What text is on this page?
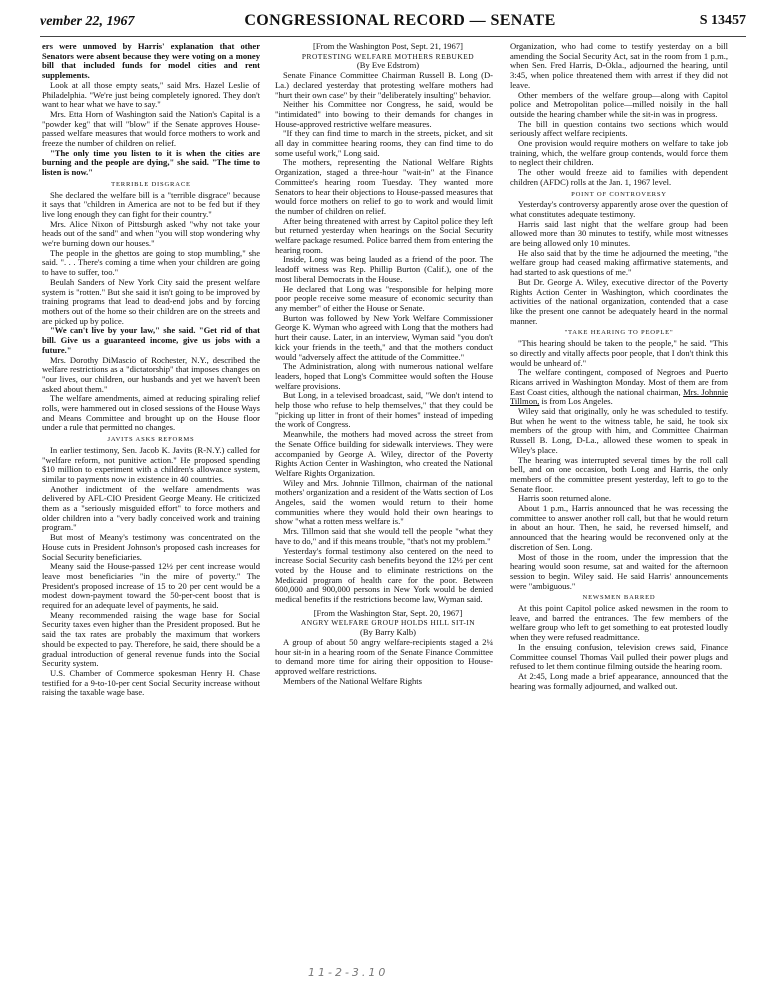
vember 22, 1967	CONGRESSIONAL RECORD — SENATE	S 13457

ers were unmoved by Harris' explanation that other Senators were absent because they were voting on a money bill that included funds for model cities and rent supplements.

Look at all those empty seats," said Mrs. Hazel Leslie of Philadelphia. "We're just being completely ignored. They don't want to hear what we have to say."

Mrs. Etta Horn of Washington said the Nation's Capital is a "powder keg" that will "blow" if the Senate approves House-passed welfare measures that would force mothers to work and freeze the number of children on relief.

"The only time you listen to it is when the cities are burning and the people are dying," she said. "The time to listen is now."

TERRIBLE DISGRACE

She declared the welfare bill is a "terrible disgrace" because it says that "children in America are not to be fed but if they live long enough they can fight for their country."

Mrs. Alice Nixon of Pittsburgh asked "why not take your heads out of the sand" and when "you will stop wondering why we're burning down our houses."

The people in the ghettos are going to stop mumbling," she said. ". . . There's coming a time when your children are going to have to suffer, too."

Beulah Sanders of New York City said the present welfare system is "rotten." But she said it isn't going to be improved by training programs that lead to dead-end jobs and by forcing mothers out of the home so their children are on the streets and are picked up by police.

"We can't live by your law," she said. "Get rid of that bill. Give us a guaranteed income, give us jobs with a future."

Mrs. Dorothy DiMascio of Rochester, N.Y., described the welfare restrictions as a "dictatorship" that imposes changes on "our lives, our children, our husbands and yet we haven't been asked about them."

The welfare amendments, aimed at reducing spiraling relief rolls, were hammered out in closed sessions of the House Ways and Means Committee and brought up on the House floor under a rule that permitted no changes.

JAVITS ASKS REFORMS

In earlier testimony, Sen. Jacob K. Javits (R-N.Y.) called for "welfare reform, not punitive action." He proposed spending $10 million to experiment with a children's allowance system, similar to payments now in existence in 40 countries.

Another indictment of the welfare amendments was delivered by AFL-CIO President George Meany. He criticized them as a "seriously misguided effort" to force mothers and older children into a "very badly conceived work and training program."

But most of Meany's testimony was concentrated on the House cuts in President Johnson's proposed cash increases for Social Security beneficiaries.

Meany said the House-passed 12½ per cent increase would leave most beneficiaries "in the mire of poverty." The President's proposed increase of 15 to 20 per cent would be a modest down-payment toward the 50-per-cent boost that is required for an adequate level of payments, he said.

Meany recommended raising the wage base for Social Security taxes even higher than the President proposed. But he said the tax rates are probably the maximum that workers should be expected to pay. Therefore, he said, there should be a gradual introduction of general revenue funds into the Social Security system.

U.S. Chamber of Commerce spokesman Henry H. Chase testified for a 9-to-10-per cent Social Security increase without raising the taxable wage base.

[From the Washington Post, Sept. 21, 1967]

PROTESTING WELFARE MOTHERS REBUKED

(By Eve Edstrom)

Senate Finance Committee Chairman Russell B. Long (D-La.) declared yesterday that protesting welfare mothers had "hurt their own case" by their "deliberately insulting" behavior.

Neither his Committee nor Congress, he said, would be "intimidated" into bowing to their demands for changes in House-approved restrictive welfare measures.

"If they can find time to march in the streets, picket, and sit all day in committee hearing rooms, they can find time to do some useful work," Long said.

The mothers, representing the National Welfare Rights Organization, staged a three-hour "wait-in" at the Finance Committee's hearing room Tuesday. They wanted more Senators to hear their objections to House-passed measures that would force mothers on relief to go to work and would limit the number of children on relief.

After being threatened with arrest by Capitol police they left but returned yesterday when hearings on the Social Security welfare package resumed. Police barred them from entering the hearing room.

Inside, Long was being lauded as a friend of the poor. The leadoff witness was Rep. Phillip Burton (Calif.), one of the most liberal Democrats in the House.

He declared that Long was "responsible for helping more poor people receive some measure of economic security than any member" of either the House or Senate.

Burton was followed by New York Welfare Commissioner George K. Wyman who agreed with Long that the mothers had hurt their cause. Later, in an interview, Wyman said "you don't kick your friends in the teeth," and that the mothers conduct would "adversely affect the attitude of the Committee."

The Administration, along with numerous national welfare leaders, hoped that Long's Committee would soften the House welfare provisions.

But Long, in a televised broadcast, said, "We don't intend to help those who refuse to help themselves," that they could be "picking up litter in front of their homes" instead of impeding the work of Congress.

Meanwhile, the mothers had moved across the street from the Senate Office building for sidewalk interviews. They were accompanied by George A. Wiley, director of the Poverty Rights Action Center in Washington, who created the National Welfare Rights Organization.

Wiley and Mrs. Johnnie Tillmon, chairman of the national mothers' organization and a resident of the Watts section of Los Angeles, said the women would return to their home communities where they would hold their own hearings to show "what a rotten mess welfare is."

Mrs. Tillmon said that she would tell the people "what they have to do," and if this means trouble, "that's not my problem."

Yesterday's formal testimony also centered on the need to increase Social Security cash benefits beyond the 12½ per cent voted by the House and to eliminate restrictions on the Medicaid program of health care for the poor. Between 600,000 and 900,000 persons in New York would be denied medical benefits if the restrictions become law, Wyman said.

[From the Washington Star, Sept. 20, 1967]

ANGRY WELFARE GROUP HOLDS HILL SIT-IN

(By Barry Kalb)

A group of about 50 angry welfare-recipients staged a 2¼ hour sit-in in a hearing room of the Senate Finance Committee to demand more time for airing their opposition to House-approved welfare restrictions.

Members of the National Welfare Rights

Organization, who had come to testify yesterday on a bill amending the Social Security Act, sat in the room from 1 p.m., when Sen. Fred Harris, D-Okla., adjourned the hearing, until 3:45, when police threatened them with arrest if they did not leave.

Other members of the welfare group—along with Capitol police and Metropolitan police—milled noisily in the hall outside the hearing chamber while the sit-in was in progress.

The bill in question contains two sections which would seriously affect welfare recipients.

One provision would require mothers on welfare to take job training, which, the welfare group contends, would force them to neglect their children.

The other would freeze aid to families with dependent children (AFDC) rolls at the Jan. 1, 1967 level.

POINT OF CONTROVERSY

Yesterday's controversy apparently arose over the question of what constitutes adequate testimony.

Harris said last night that the welfare group had been allowed more than 30 minutes to testify, while most witnesses are being allowed only 10 minutes.

He also said that by the time he adjourned the meeting, "the welfare group had ceased making affirmative statements, and had started to ask questions of me."

But Dr. George A. Wiley, executive director of the Poverty Rights Action Center in Washington, which coordinates the activities of the national organization, contended that a case like the present one cannot be adequately heard in the normal manner.

"TAKE HEARING TO PEOPLE"

"This hearing should be taken to the people," he said. "This so directly and vitally affects poor people, that I don't think this would be unheard of."

The welfare contingent, composed of Negroes and Puerto Ricans arrived in Washington Monday. Most of them are from East Coast cities, although the national chairman, Mrs. Johnnie Tillmon, is from Los Angeles.

Wiley said that originally, only he was scheduled to testify. But when he went to the witness table, he said, he took six members of the group with him, and Committee Chairman Russell B. Long, D-La., allowed these women to speak in Wiley's place.

The hearing was interrupted several times by the roll call bell, and on one occasion, both Long and Harris, the only members of the committee present yesterday, left to go to the Senate floor.

Harris soon returned alone.

About 1 p.m., Harris announced that he was recessing the committee to answer another roll call, but that he would return in about an hour. Then, he said, he reversed himself, and announced that the hearing would be reconvened only at the discretion of Sen. Long.

Most of those in the room, under the impression that the hearing would soon resume, sat and waited for the afternoon session to begin. Wiley said. He said Harris' announcements were "ambiguous."

NEWSMEN BARRED

At this point Capitol police asked newsmen in the room to leave, and barred the entrances. The few members of the welfare group who left to get something to eat protested loudly when they were refused readmittance.

In the ensuing confusion, television crews said, Finance Committee counsel Thomas Vail pulled their power plugs and refused to let them continue filming outside the hearing room.

At 2:45, Long made a brief appearance, announced that the hearing was formally adjourned, and walked out.

11-2-3.10
